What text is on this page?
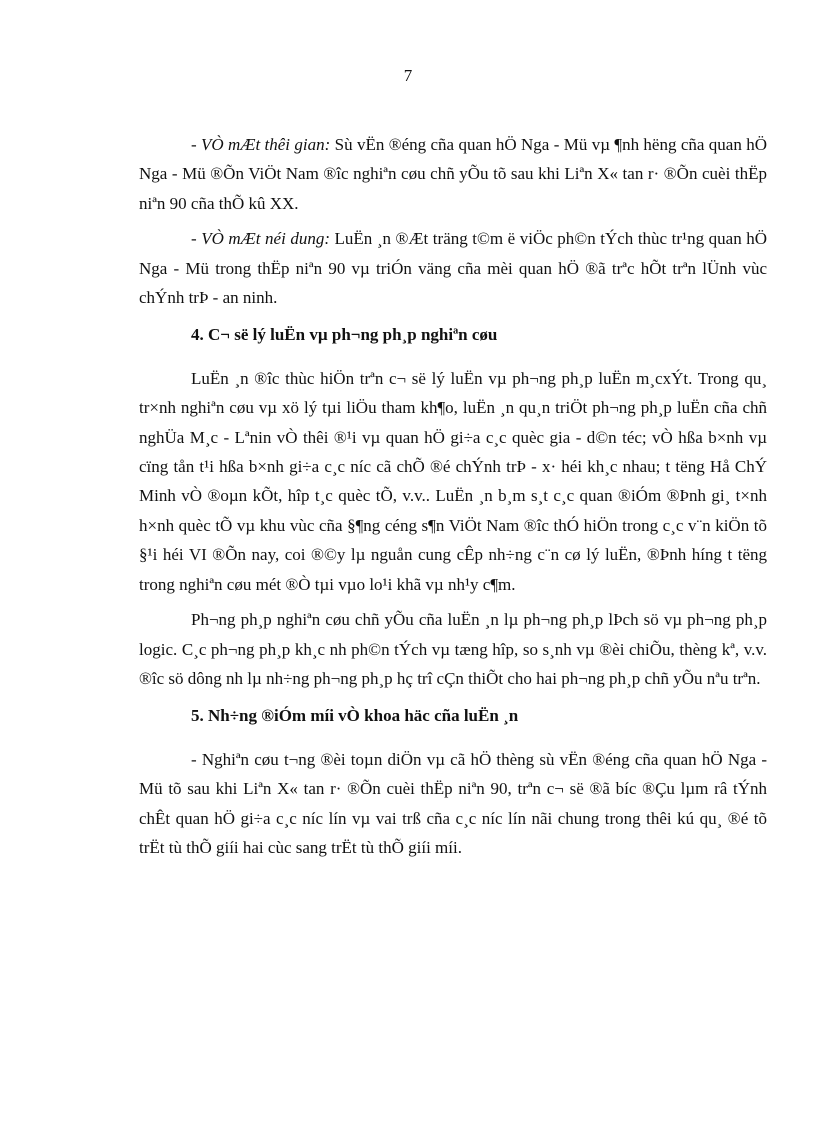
7

- VÒ mÆt thêi gian: Sù vËn ®éng cña quan hÖ Nga - Mü vµ ¶nh hëng cña quan hÖ Nga - Mü ®Õn ViÖt Nam ®îc nghiªn cøu chñ yÕu tõ sau khi Liªn X« tan r· ®Õn cuèi thËp niªn 90 cña thÕ kû XX.

- VÒ mÆt néi dung: LuËn ¸n ®Æt träng t©m ë viÖc ph©n tÝch thùc tr¹ng quan hÖ Nga - Mü trong thËp niªn 90 vµ triÓn väng cña mèi quan hÖ ®ã trªc hÕt trªn lÜnh vùc chÝnh trÞ - an ninh.

4. C¬ së lý luËn vµ ph¬ng ph¸p nghiªn cøu

LuËn ¸n ®îc thùc hiÖn trªn c¬ së lý luËn vµ ph¬ng ph¸p luËn m¸cxÝt. Trong qu¸ tr×nh nghiªn cøu vµ xö lý tµi liÖu tham kh¶o, luËn ¸n qu¸n triÖt ph¬ng ph¸p luËn cña chñ nghÜa M¸c - Lªnin vÒ thêi ®¹i vµ quan hÖ gi÷a c¸c quèc gia - d©n téc; vÒ hßa b×nh vµ cïng tån t¹i hßa b×nh gi÷a c¸c níc cã chÕ ®é chÝnh trÞ - x· héi kh¸c nhau; t tëng Hå ChÝ Minh vÒ ®oµn kÕt, hîp t¸c quèc tÕ, v.v.. LuËn ¸n b¸m s¸t c¸c quan ®iÓm ®Þnh gi¸ t×nh h×nh quèc tÕ vµ khu vùc cña §¶ng céng s¶n ViÖt Nam ®îc thÓ hiÖn trong c¸c v¨n kiÖn tõ §¹i héi VI ®Õn nay, coi ®©y lµ nguån cung cÊp nh÷ng c¨n cø lý luËn, ®Þnh híng t tëng trong nghiªn cøu mét ®Ò tµi vµo lo¹i khã vµ nh¹y c¶m.

Ph¬ng ph¸p nghiªn cøu chñ yÕu cña luËn ¸n lµ ph¬ng ph¸p lÞch sö vµ ph¬ng ph¸p logic. C¸c ph¬ng ph¸p kh¸c nh ph©n tÝch vµ tæng hîp, so s¸nh vµ ®èi chiÕu, thèng kª, v.v. ®îc sö dông nh lµ nh÷ng ph¬ng ph¸p hç trî cÇn thiÕt cho hai ph¬ng ph¸p chñ yÕu nªu trªn.

5. Nh÷ng ®iÓm míi vÒ khoa häc cña luËn ¸n

- Nghiªn cøu t¬ng ®èi toµn diÖn vµ cã hÖ thèng sù vËn ®éng cña quan hÖ Nga - Mü tõ sau khi Liªn X« tan r· ®Õn cuèi thËp niªn 90, trªn c¬ së ®ã bíc ®Çu lµm râ tÝnh chÊt quan hÖ gi÷a c¸c níc lín vµ vai trß cña c¸c níc lín nãi chung trong thêi kú qu¸ ®é tõ trËt tù thÕ giíi hai cùc sang trËt tù thÕ giíi míi.
